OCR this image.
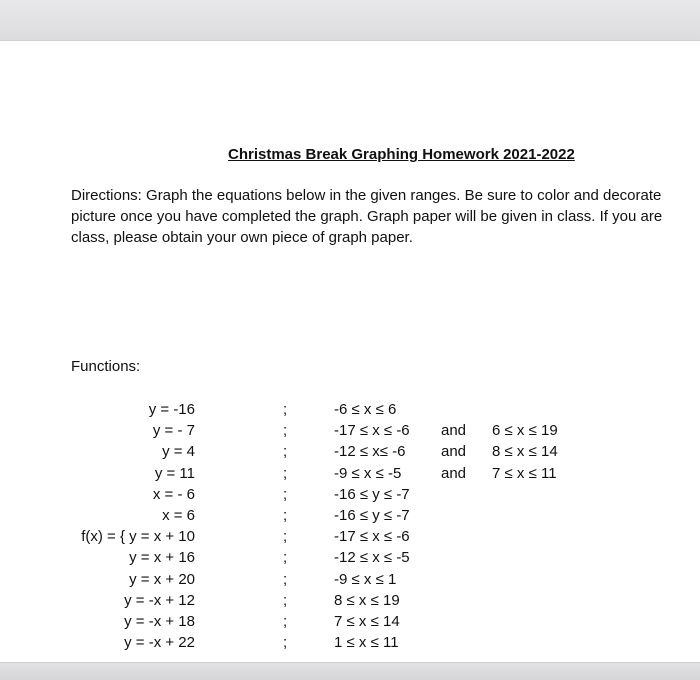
Christmas Break Graphing Homework 2021-2022
Directions: Graph the equations below in the given ranges. Be sure to color and decorate
picture once you have completed the graph. Graph paper will be given in class. If you are
class, please obtain your own piece of graph paper.
Functions:
y = -16	;	-6 ≤ x ≤ 6
y = - 7	;	-17 ≤ x ≤ -6 and 6 ≤ x ≤ 19
y = 4	;	-12 ≤ x≤ -6 and 8 ≤ x ≤ 14
y = 11	;	-9 ≤ x ≤ -5	and 7 ≤ x ≤ 11
x = - 6	;	-16 ≤ y ≤ -7
x = 6	;	-16 ≤ y ≤ -7
f(x) = { y = x + 10	;	-17 ≤ x ≤ -6
y = x + 16	;	-12 ≤ x ≤ -5
y = x + 20	;	-9 ≤ x ≤ 1
y = -x + 12	;	8 ≤ x ≤ 19
y = -x + 18	;	7 ≤ x ≤ 14
y = -x + 22	;	1 ≤ x ≤ 11
